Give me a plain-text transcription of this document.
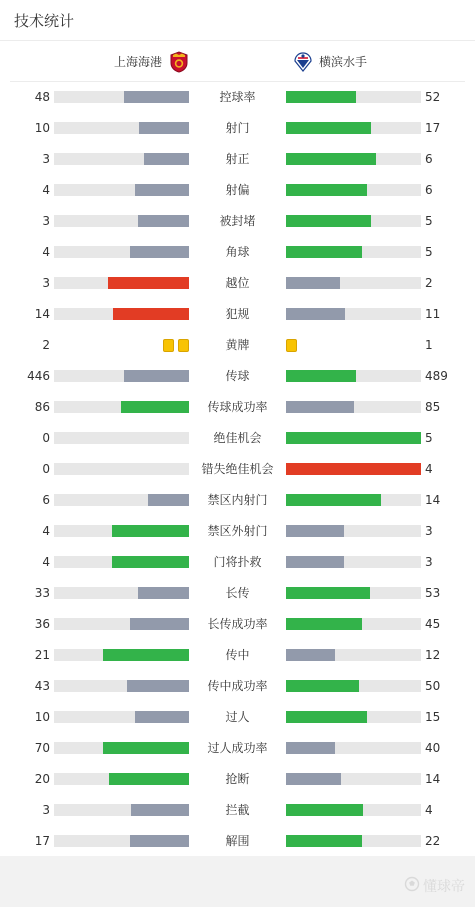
技术统计
上海海港	横滨水手
48	控球率	52
10	射门	17
3	射正	6
4	射偏	6
3	被封堵	5
4	角球	5
3	越位	2
14	犯规	11
2	黄牌	1
446	传球	489
86	传球成功率	85
0	绝佳机会	5
0	错失绝佳机会	4
6	禁区内射门	14
4	禁区外射门	3
4	门将扑救	3
33	长传	53
36	长传成功率	45
21	传中	12
43	传中成功率	50
10	过人	15
70	过人成功率	40
20	抢断	14
3	拦截	4
17	解围	22
懂球帝
